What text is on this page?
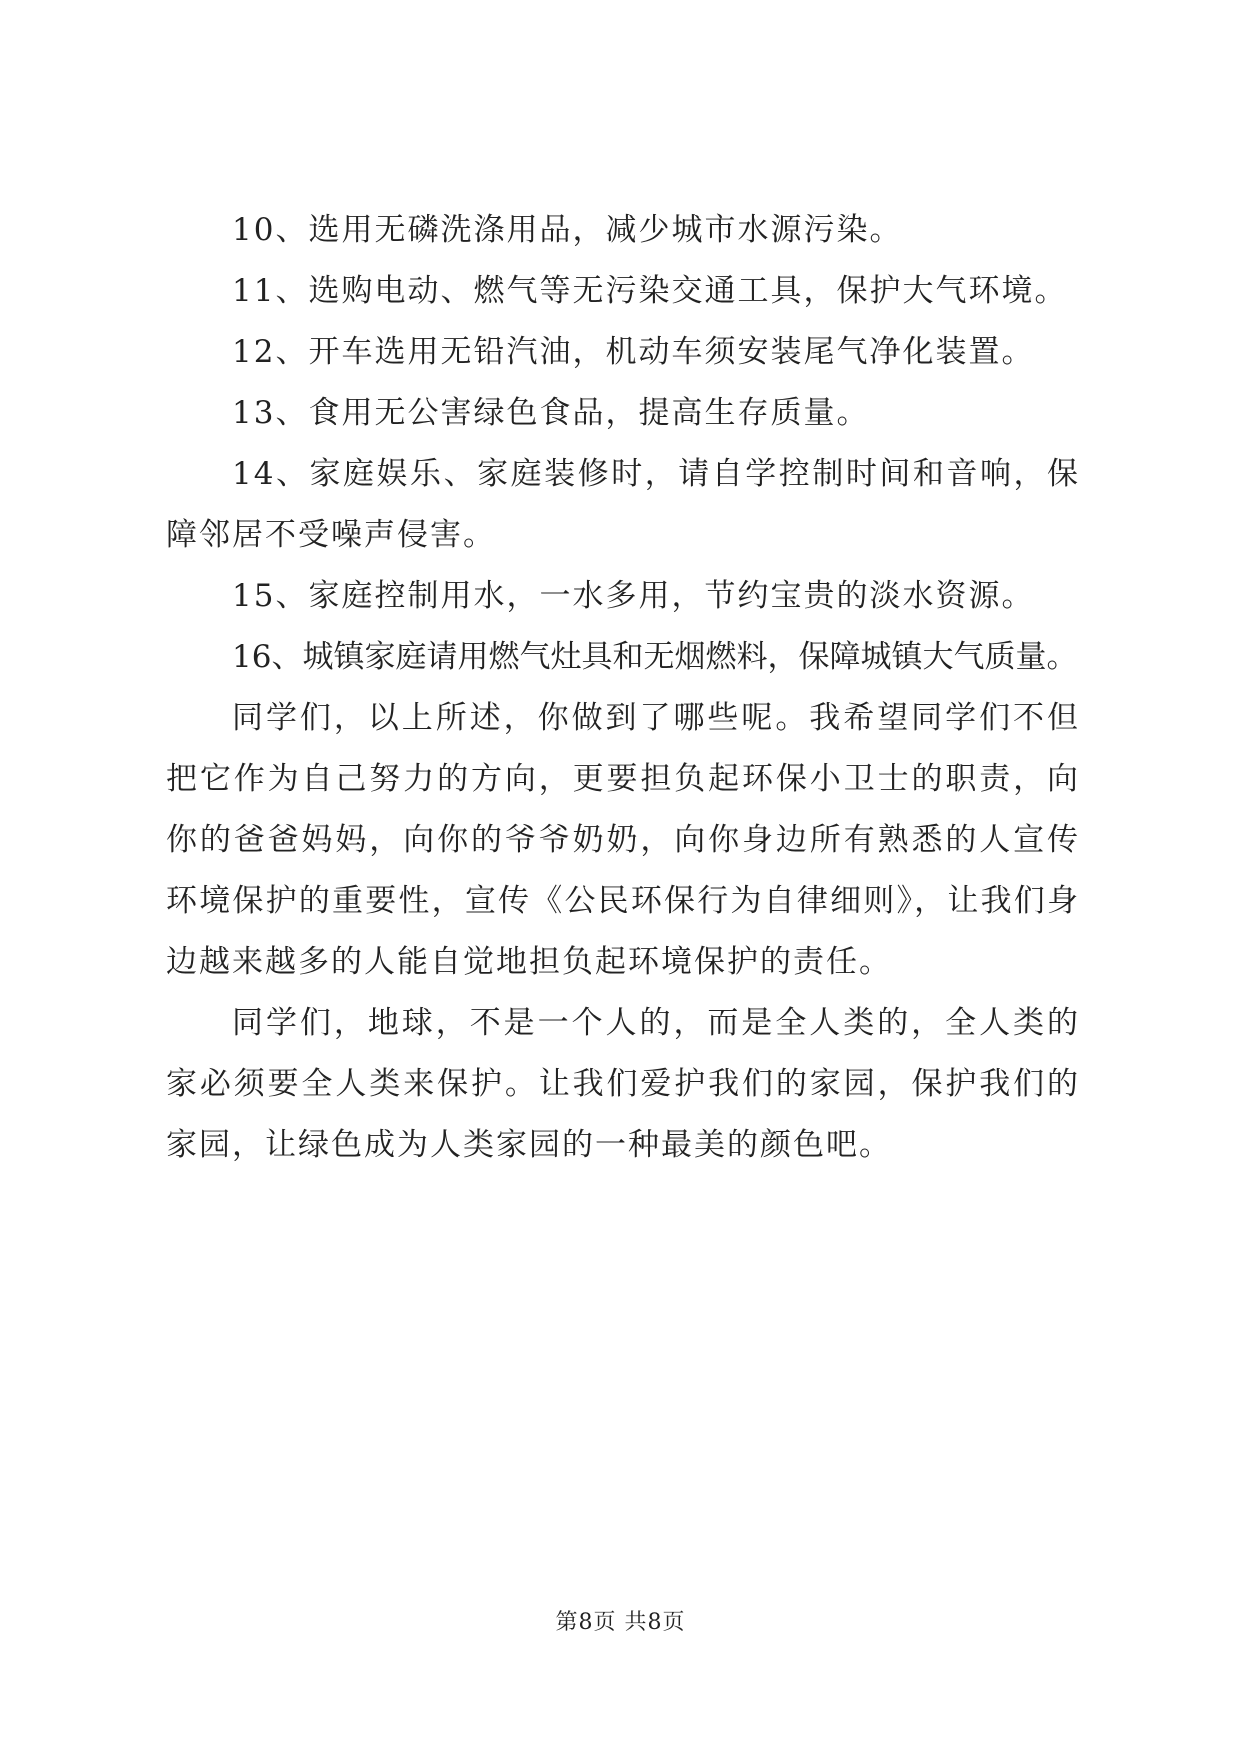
10、选用无磷洗涤用品，减少城市水源污染。

11、选购电动、燃气等无污染交通工具，保护大气环境。

12、开车选用无铅汽油，机动车须安装尾气净化装置。

13、食用无公害绿色食品，提高生存质量。

14、家庭娱乐、家庭装修时，请自学控制时间和音响，保障邻居不受噪声侵害。

15、家庭控制用水，一水多用，节约宝贵的淡水资源。

16、城镇家庭请用燃气灶具和无烟燃料，保障城镇大气质量。

同学们，以上所述，你做到了哪些呢。我希望同学们不但把它作为自己努力的方向，更要担负起环保小卫士的职责，向你的爸爸妈妈，向你的爷爷奶奶，向你身边所有熟悉的人宣传环境保护的重要性，宣传《公民环保行为自律细则》，让我们身边越来越多的人能自觉地担负起环境保护的责任。

同学们，地球，不是一个人的，而是全人类的，全人类的家必须要全人类来保护。让我们爱护我们的家园，保护我们的家园，让绿色成为人类家园的一种最美的颜色吧。

第8页 共8页
